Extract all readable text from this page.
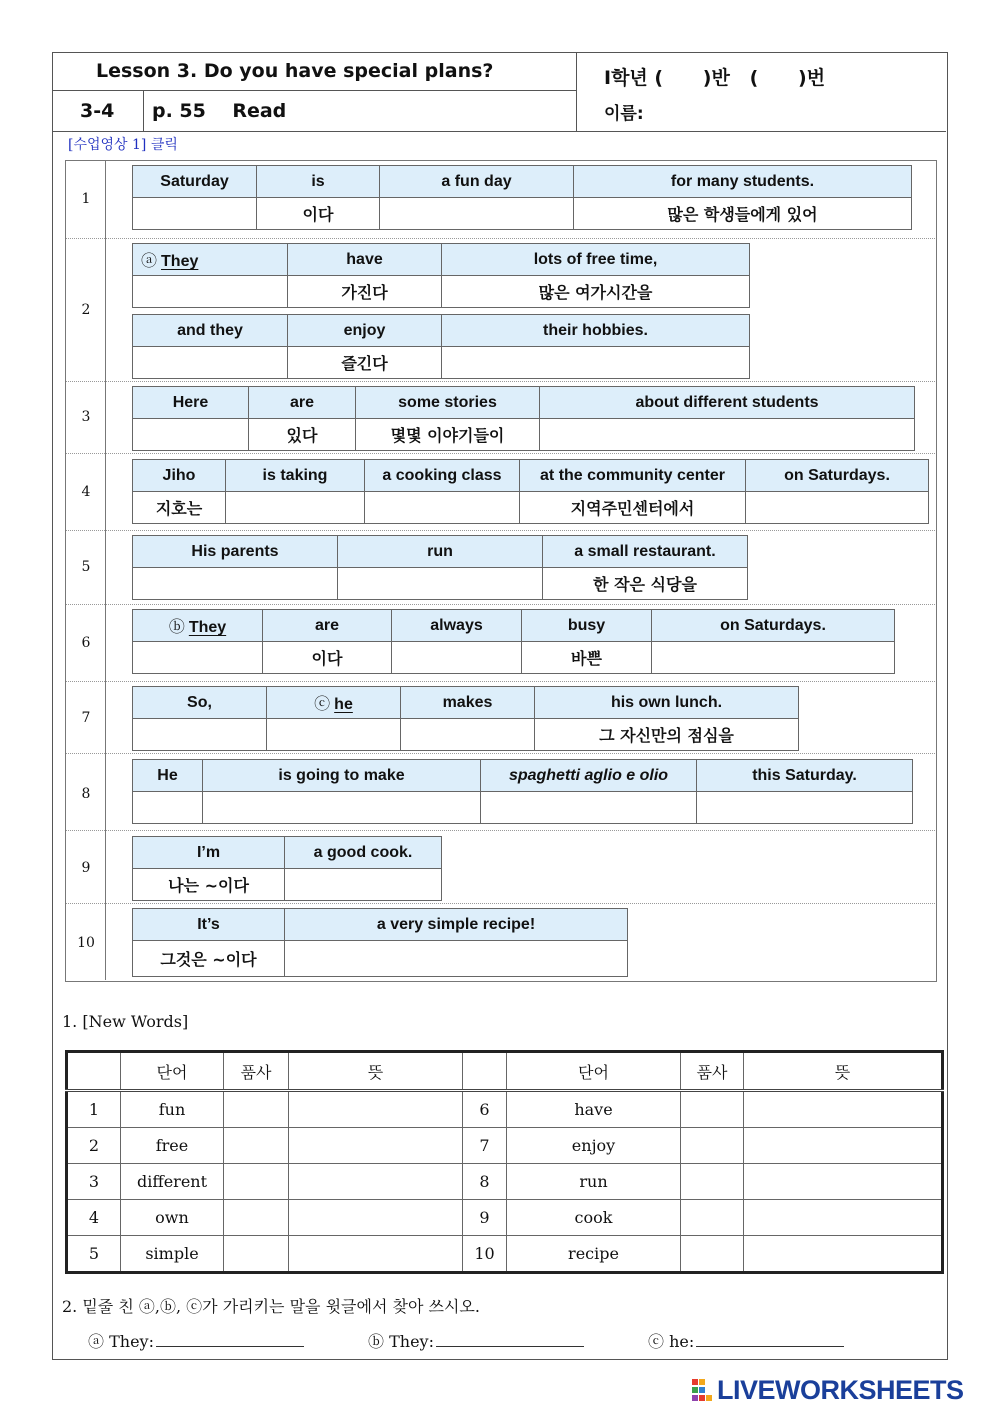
Lesson 3. Do you have special plans?
3-4 p. 55    Read
I학년 (      )반   (      )번
이름:
[수업영상 1] 클릭
1
2
3
4
5
6
7
8
9
10
Saturday	is	a fun day	for many students.
	이다		많은 학생들에게 있어
ⓐ They	have	lots of free time,
	가진다	많은 여가시간을
and they	enjoy	their hobbies.
	즐긴다	
Here	are	some stories	about different students
	있다	몇몇 이야기들이	
Jiho	is taking	a cooking class	at the community center	on Saturdays.
지호는			지역주민센터에서	
His parents	run	a small restaurant.
		한 작은 식당을
ⓑ They	are	always	busy	on Saturdays.
	이다		바쁜	
So,	ⓒ he	makes	his own lunch.
			그 자신만의 점심을
He	is going to make	spaghetti aglio e olio	this Saturday.

I’m	a good cook.
나는 ~이다	
It’s	a very simple recipe!
그것은 ~이다	
1. [New Words]
	단어	품사	뜻		단어	품사	뜻
1	fun			6	have		
2	free			7	enjoy		
3	different			8	run		
4	own			9	cook		
5	simple			10	recipe		
2. 밑줄 친 ⓐ,ⓑ, ⓒ가 가리키는 말을 윗글에서 찾아 쓰시오.
ⓐ They:	ⓑ They:	ⓒ he:
LIVEWORKSHEETS
